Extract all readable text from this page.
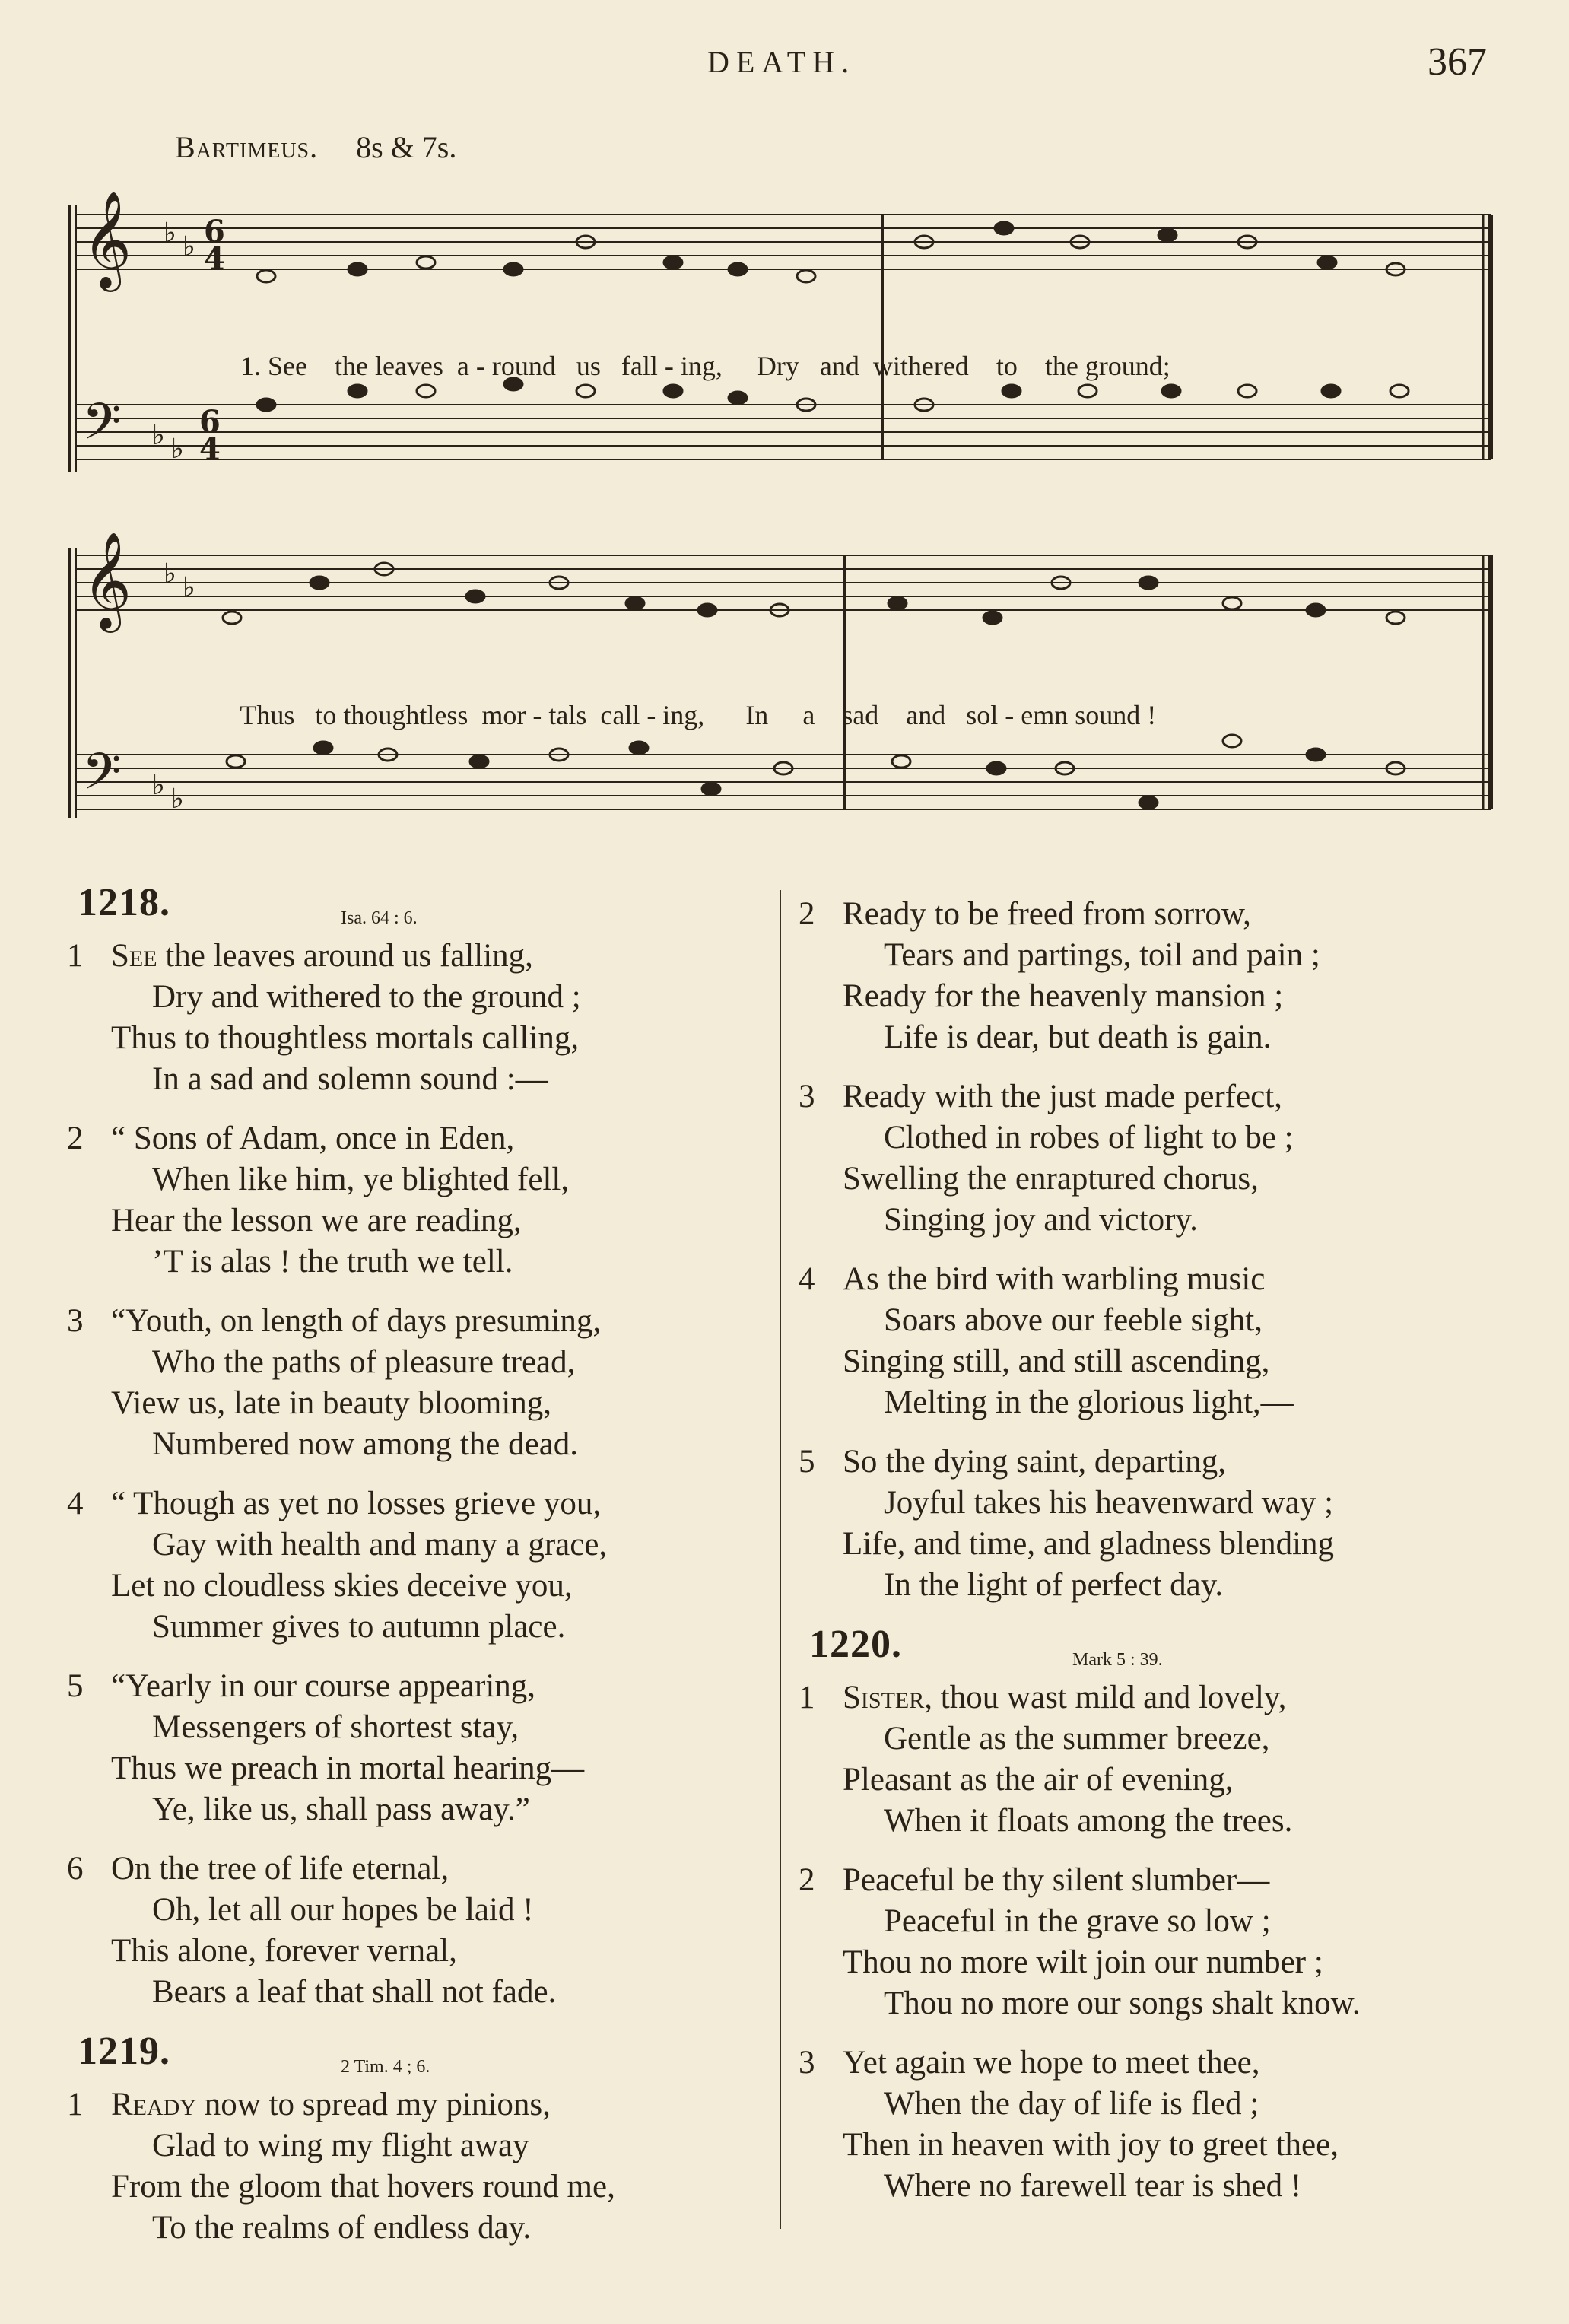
DEATH.	367
Bartimeus. 8s & 7s.
𝄞
𝄢
𝄞
𝄢
♭ ♭
♭ ♭
♭ ♭
♭ ♭
6
4
6
4

1. See the leaves a - round us fall - ing, Dry and withered to the ground;

Thus to thoughtless mor - tals call - ing, In a sad and sol - emn sound !

1218.	Isa. 64 : 6.
1 See the leaves around us falling,
Dry and withered to the ground ;
Thus to thoughtless mortals calling,
In a sad and solemn sound :—
2 “ Sons of Adam, once in Eden,
When like him, ye blighted fell,
Hear the lesson we are reading,
’T is alas ! the truth we tell.
3 “Youth, on length of days presuming,
Who the paths of pleasure tread,
View us, late in beauty blooming,
Numbered now among the dead.
4 “ Though as yet no losses grieve you,
Gay with health and many a grace,
Let no cloudless skies deceive you,
Summer gives to autumn place.
5 “Yearly in our course appearing,
Messengers of shortest stay,
Thus we preach in mortal hearing—
Ye, like us, shall pass away.”
6 On the tree of life eternal,
Oh, let all our hopes be laid !
This alone, forever vernal,
Bears a leaf that shall not fade.
1219.	2 Tim. 4 ; 6.
1 Ready now to spread my pinions,
Glad to wing my flight away
From the gloom that hovers round me,
To the realms of endless day.
2 Ready to be freed from sorrow,
Tears and partings, toil and pain ;
Ready for the heavenly mansion ;
Life is dear, but death is gain.
3 Ready with the just made perfect,
Clothed in robes of light to be ;
Swelling the enraptured chorus,
Singing joy and victory.
4 As the bird with warbling music
Soars above our feeble sight,
Singing still, and still ascending,
Melting in the glorious light,—
5 So the dying saint, departing,
Joyful takes his heavenward way ;
Life, and time, and gladness blending
In the light of perfect day.
1220.	Mark 5 : 39.
1 Sister, thou wast mild and lovely,
Gentle as the summer breeze,
Pleasant as the air of evening,
When it floats among the trees.
2 Peaceful be thy silent slumber—
Peaceful in the grave so low ;
Thou no more wilt join our number ;
Thou no more our songs shalt know.
3 Yet again we hope to meet thee,
When the day of life is fled ;
Then in heaven with joy to greet thee,
Where no farewell tear is shed !
